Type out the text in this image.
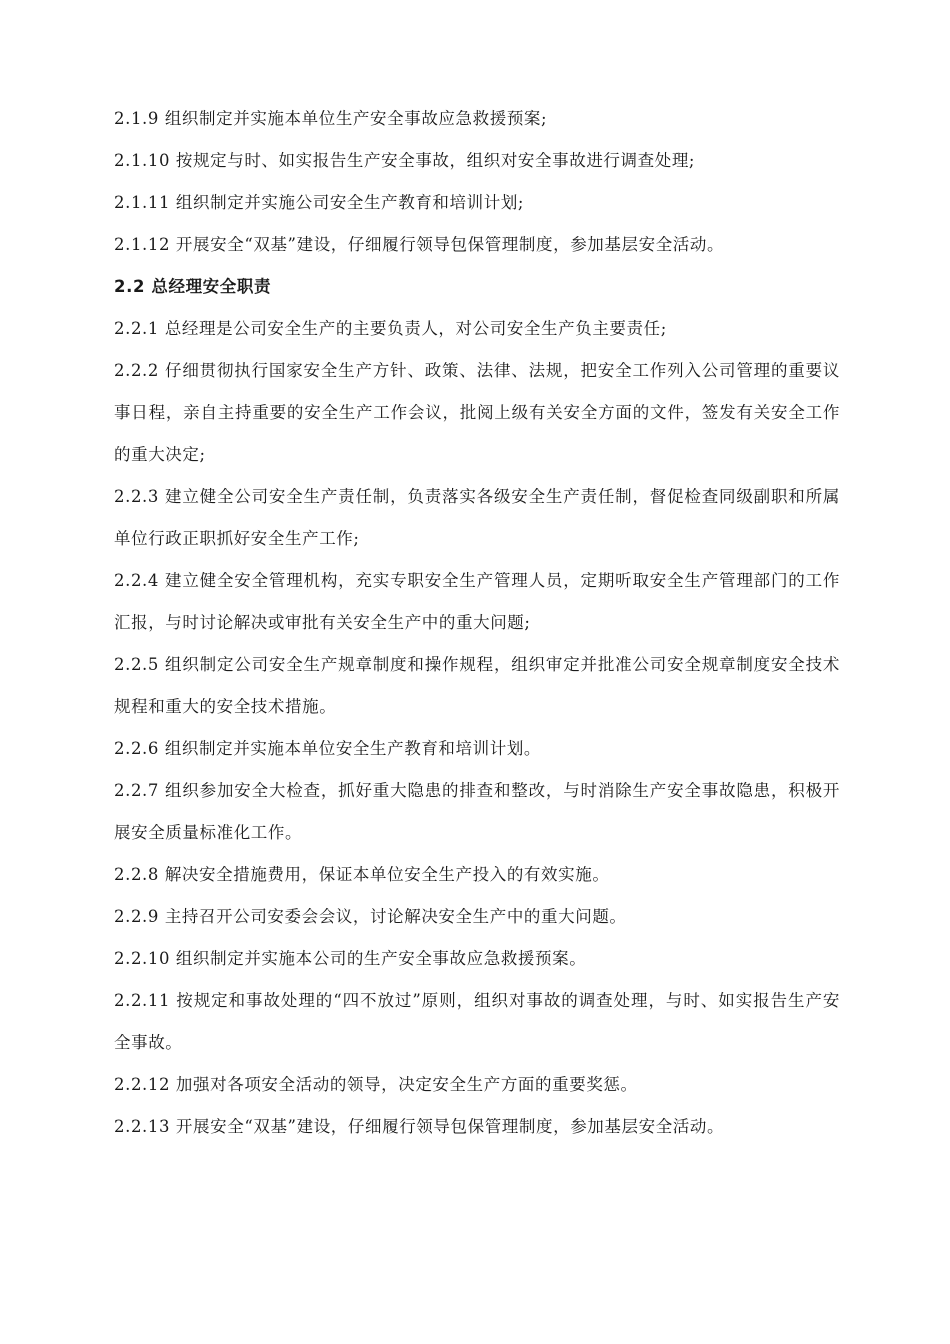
2.1.9 组织制定并实施本单位生产安全事故应急救援预案;

2.1.10 按规定与时、如实报告生产安全事故，组织对安全事故进行调查处理;

2.1.11 组织制定并实施公司安全生产教育和培训计划;

2.1.12 开展安全“双基”建设，仔细履行领导包保管理制度，参加基层安全活动。

2.2 总经理安全职责

2.2.1 总经理是公司安全生产的主要负责人，对公司安全生产负主要责任;

2.2.2 仔细贯彻执行国家安全生产方针、政策、法律、法规，把安全工作列入公司管理的重要议事日程，亲自主持重要的安全生产工作会议，批阅上级有关安全方面的文件，签发有关安全工作的重大决定;

2.2.3 建立健全公司安全生产责任制，负责落实各级安全生产责任制，督促检查同级副职和所属单位行政正职抓好安全生产工作;

2.2.4 建立健全安全管理机构，充实专职安全生产管理人员，定期听取安全生产管理部门的工作汇报，与时讨论解决或审批有关安全生产中的重大问题;

2.2.5 组织制定公司安全生产规章制度和操作规程，组织审定并批准公司安全规章制度安全技术规程和重大的安全技术措施。

2.2.6 组织制定并实施本单位安全生产教育和培训计划。

2.2.7 组织参加安全大检查，抓好重大隐患的排查和整改，与时消除生产安全事故隐患，积极开展安全质量标准化工作。

2.2.8 解决安全措施费用，保证本单位安全生产投入的有效实施。

2.2.9 主持召开公司安委会会议，讨论解决安全生产中的重大问题。

2.2.10 组织制定并实施本公司的生产安全事故应急救援预案。

2.2.11 按规定和事故处理的“四不放过”原则，组织对事故的调查处理，与时、如实报告生产安全事故。

2.2.12 加强对各项安全活动的领导，决定安全生产方面的重要奖惩。

2.2.13 开展安全“双基”建设，仔细履行领导包保管理制度，参加基层安全活动。
